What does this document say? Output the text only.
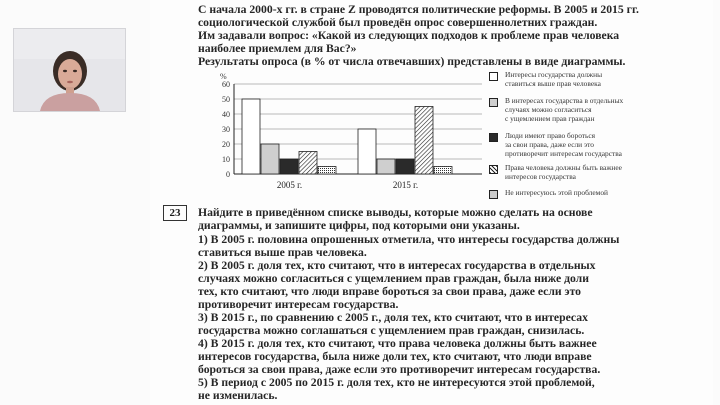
С начала 2000-х гг. в стране Z проводятся политические реформы. В 2005 и 2015 гг.
социологической службой был проведён опрос совершеннолетних граждан.
Им задавали вопрос: «Какой из следующих подходов к проблеме прав человека
наиболее приемлем для Вас?»
Результаты опроса (в % от числа отвечавших) представлены в виде диаграммы.
0
10
20
30
40
50
60
%
2005 г.	2015 г.
Интересы государства должны
ставиться выше прав человека
В интересах государства в отдельных
случаях можно согласиться
с ущемлением прав граждан
Люди имеют право бороться
за свои права, даже если это
противоречит интересам государства
Права человека должны быть важнее
интересов государства
Не интересуюсь этой проблемой
23	Найдите в приведённом списке выводы, которые можно сделать на основе
диаграммы, и запишите цифры, под которыми они указаны.
1) В 2005 г. половина опрошенных отметила, что интересы государства должны
ставиться выше прав человека.
2) В 2005 г. доля тех, кто считают, что в интересах государства в отдельных
случаях можно согласиться с ущемлением прав граждан, была ниже доли
тех, кто считают, что люди вправе бороться за свои права, даже если это
противоречит интересам государства.
3) В 2015 г., по сравнению с 2005 г., доля тех, кто считают, что в интересах
государства можно соглашаться с ущемлением прав граждан, снизилась.
4) В 2015 г. доля тех, кто считают, что права человека должны быть важнее
интересов государства, была ниже доли тех, кто считают, что люди вправе
бороться за свои права, даже если это противоречит интересам государства.
5) В период с 2005 по 2015 г. доля тех, кто не интересуются этой проблемой,
не изменилась.
